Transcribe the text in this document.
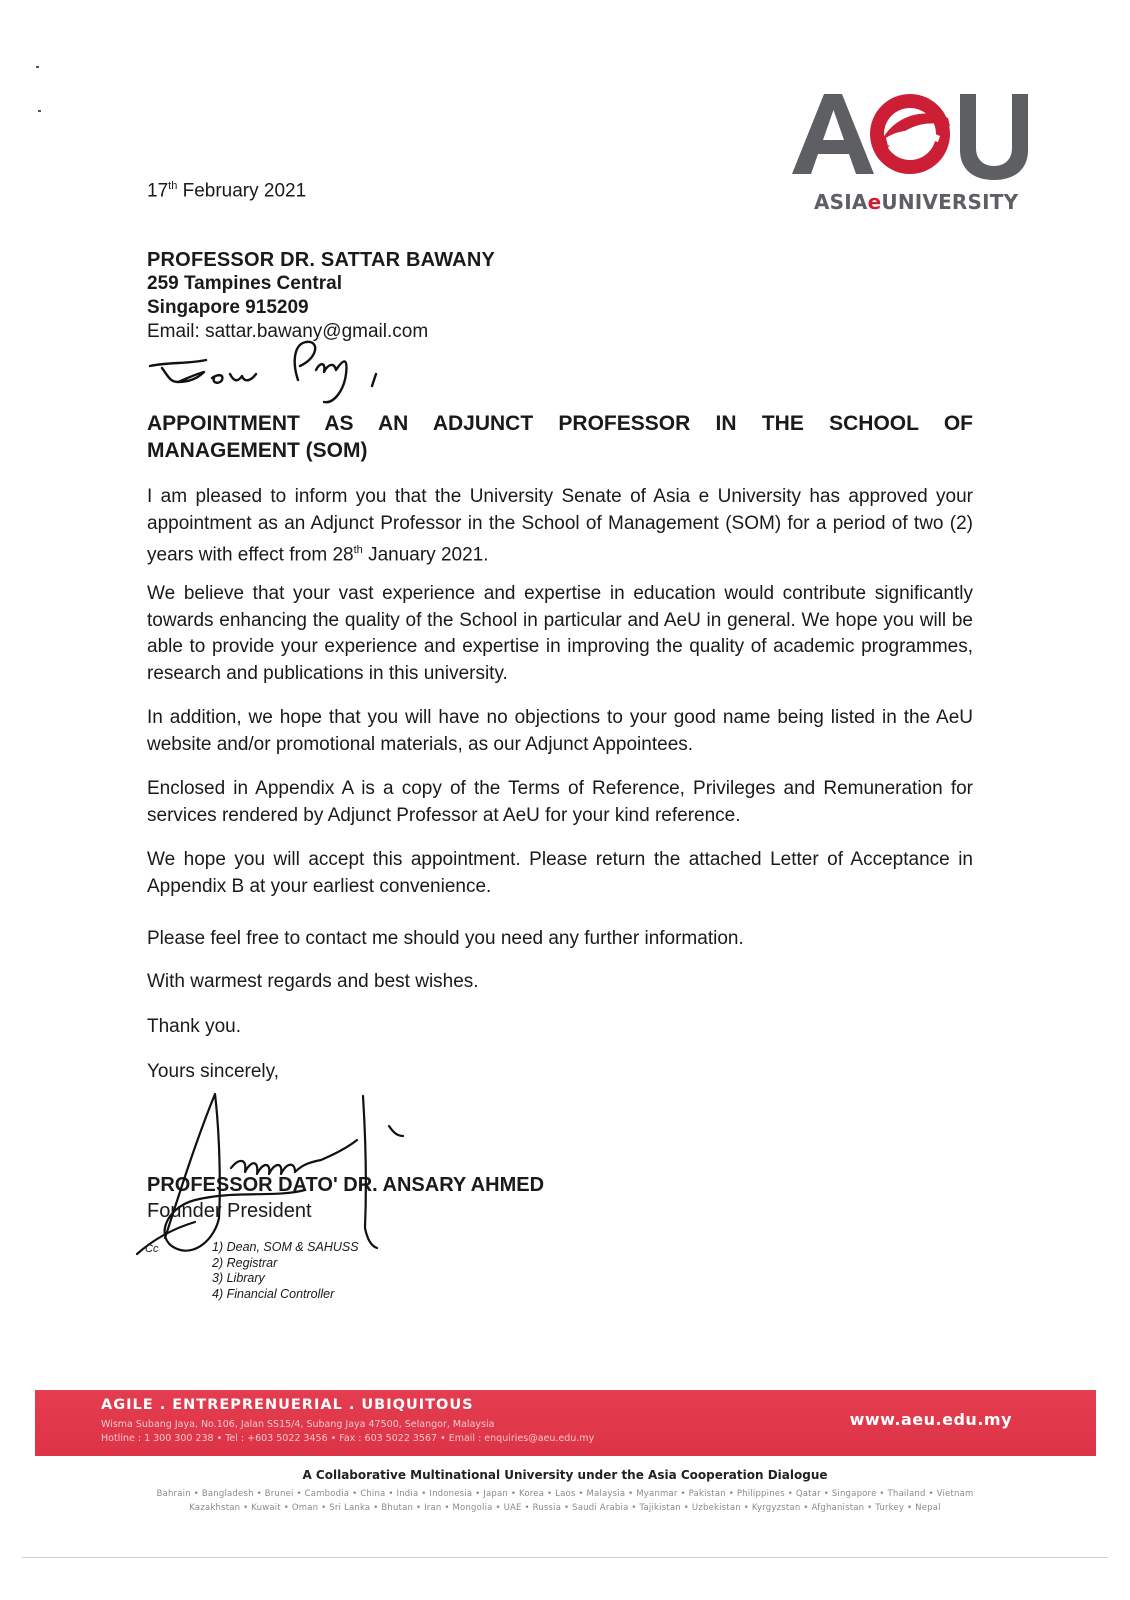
ASIAeUNIVERSITY
17th February 2021
PROFESSOR DR. SATTAR BAWANY
259 Tampines Central
Singapore 915209
Email: sattar.bawany@gmail.com
APPOINTMENT AS AN ADJUNCT PROFESSOR IN THE SCHOOL OF
MANAGEMENT (SOM)

I am pleased to inform you that the University Senate of Asia e University has approved your appointment as an Adjunct Professor in the School of Management (SOM) for a period of two (2) years with effect from 28th January 2021.

We believe that your vast experience and expertise in education would contribute significantly towards enhancing the quality of the School in particular and AeU in general. We hope you will be able to provide your experience and expertise in improving the quality of academic programmes, research and publications in this university.

In addition, we hope that you will have no objections to your good name being listed in the AeU website and/or promotional materials, as our Adjunct Appointees.

Enclosed in Appendix A is a copy of the Terms of Reference, Privileges and Remuneration for services rendered by Adjunct Professor at AeU for your kind reference.

We hope you will accept this appointment. Please return the attached Letter of Acceptance in Appendix B at your earliest convenience.

Please feel free to contact me should you need any further information.

With warmest regards and best wishes.

Thank you.

Yours sincerely,

PROFESSOR DATO' DR. ANSARY AHMED
Founder President
Cc	1) Dean, SOM & SAHUSS
2) Registrar
3) Library
4) Financial Controller
AGILE . ENTREPRENUERIAL . UBIQUITOUS
Wisma Subang Jaya, No.106, Jalan SS15/4, Subang Jaya 47500, Selangor, Malaysia
Hotline : 1 300 300 238 • Tel : +603 5022 3456 • Fax : 603 5022 3567 • Email : enquiries@aeu.edu.my
www.aeu.edu.my
A Collaborative Multinational University under the Asia Cooperation Dialogue
Bahrain • Bangladesh • Brunei • Cambodia • China • India • Indonesia • Japan • Korea • Laos • Malaysia • Myanmar • Pakistan • Philippines • Qatar • Singapore • Thailand • Vietnam
Kazakhstan • Kuwait • Oman • Sri Lanka • Bhutan • Iran • Mongolia • UAE • Russia • Saudi Arabia • Tajikistan • Uzbekistan • Kyrgyzstan • Afghanistan • Turkey • Nepal
